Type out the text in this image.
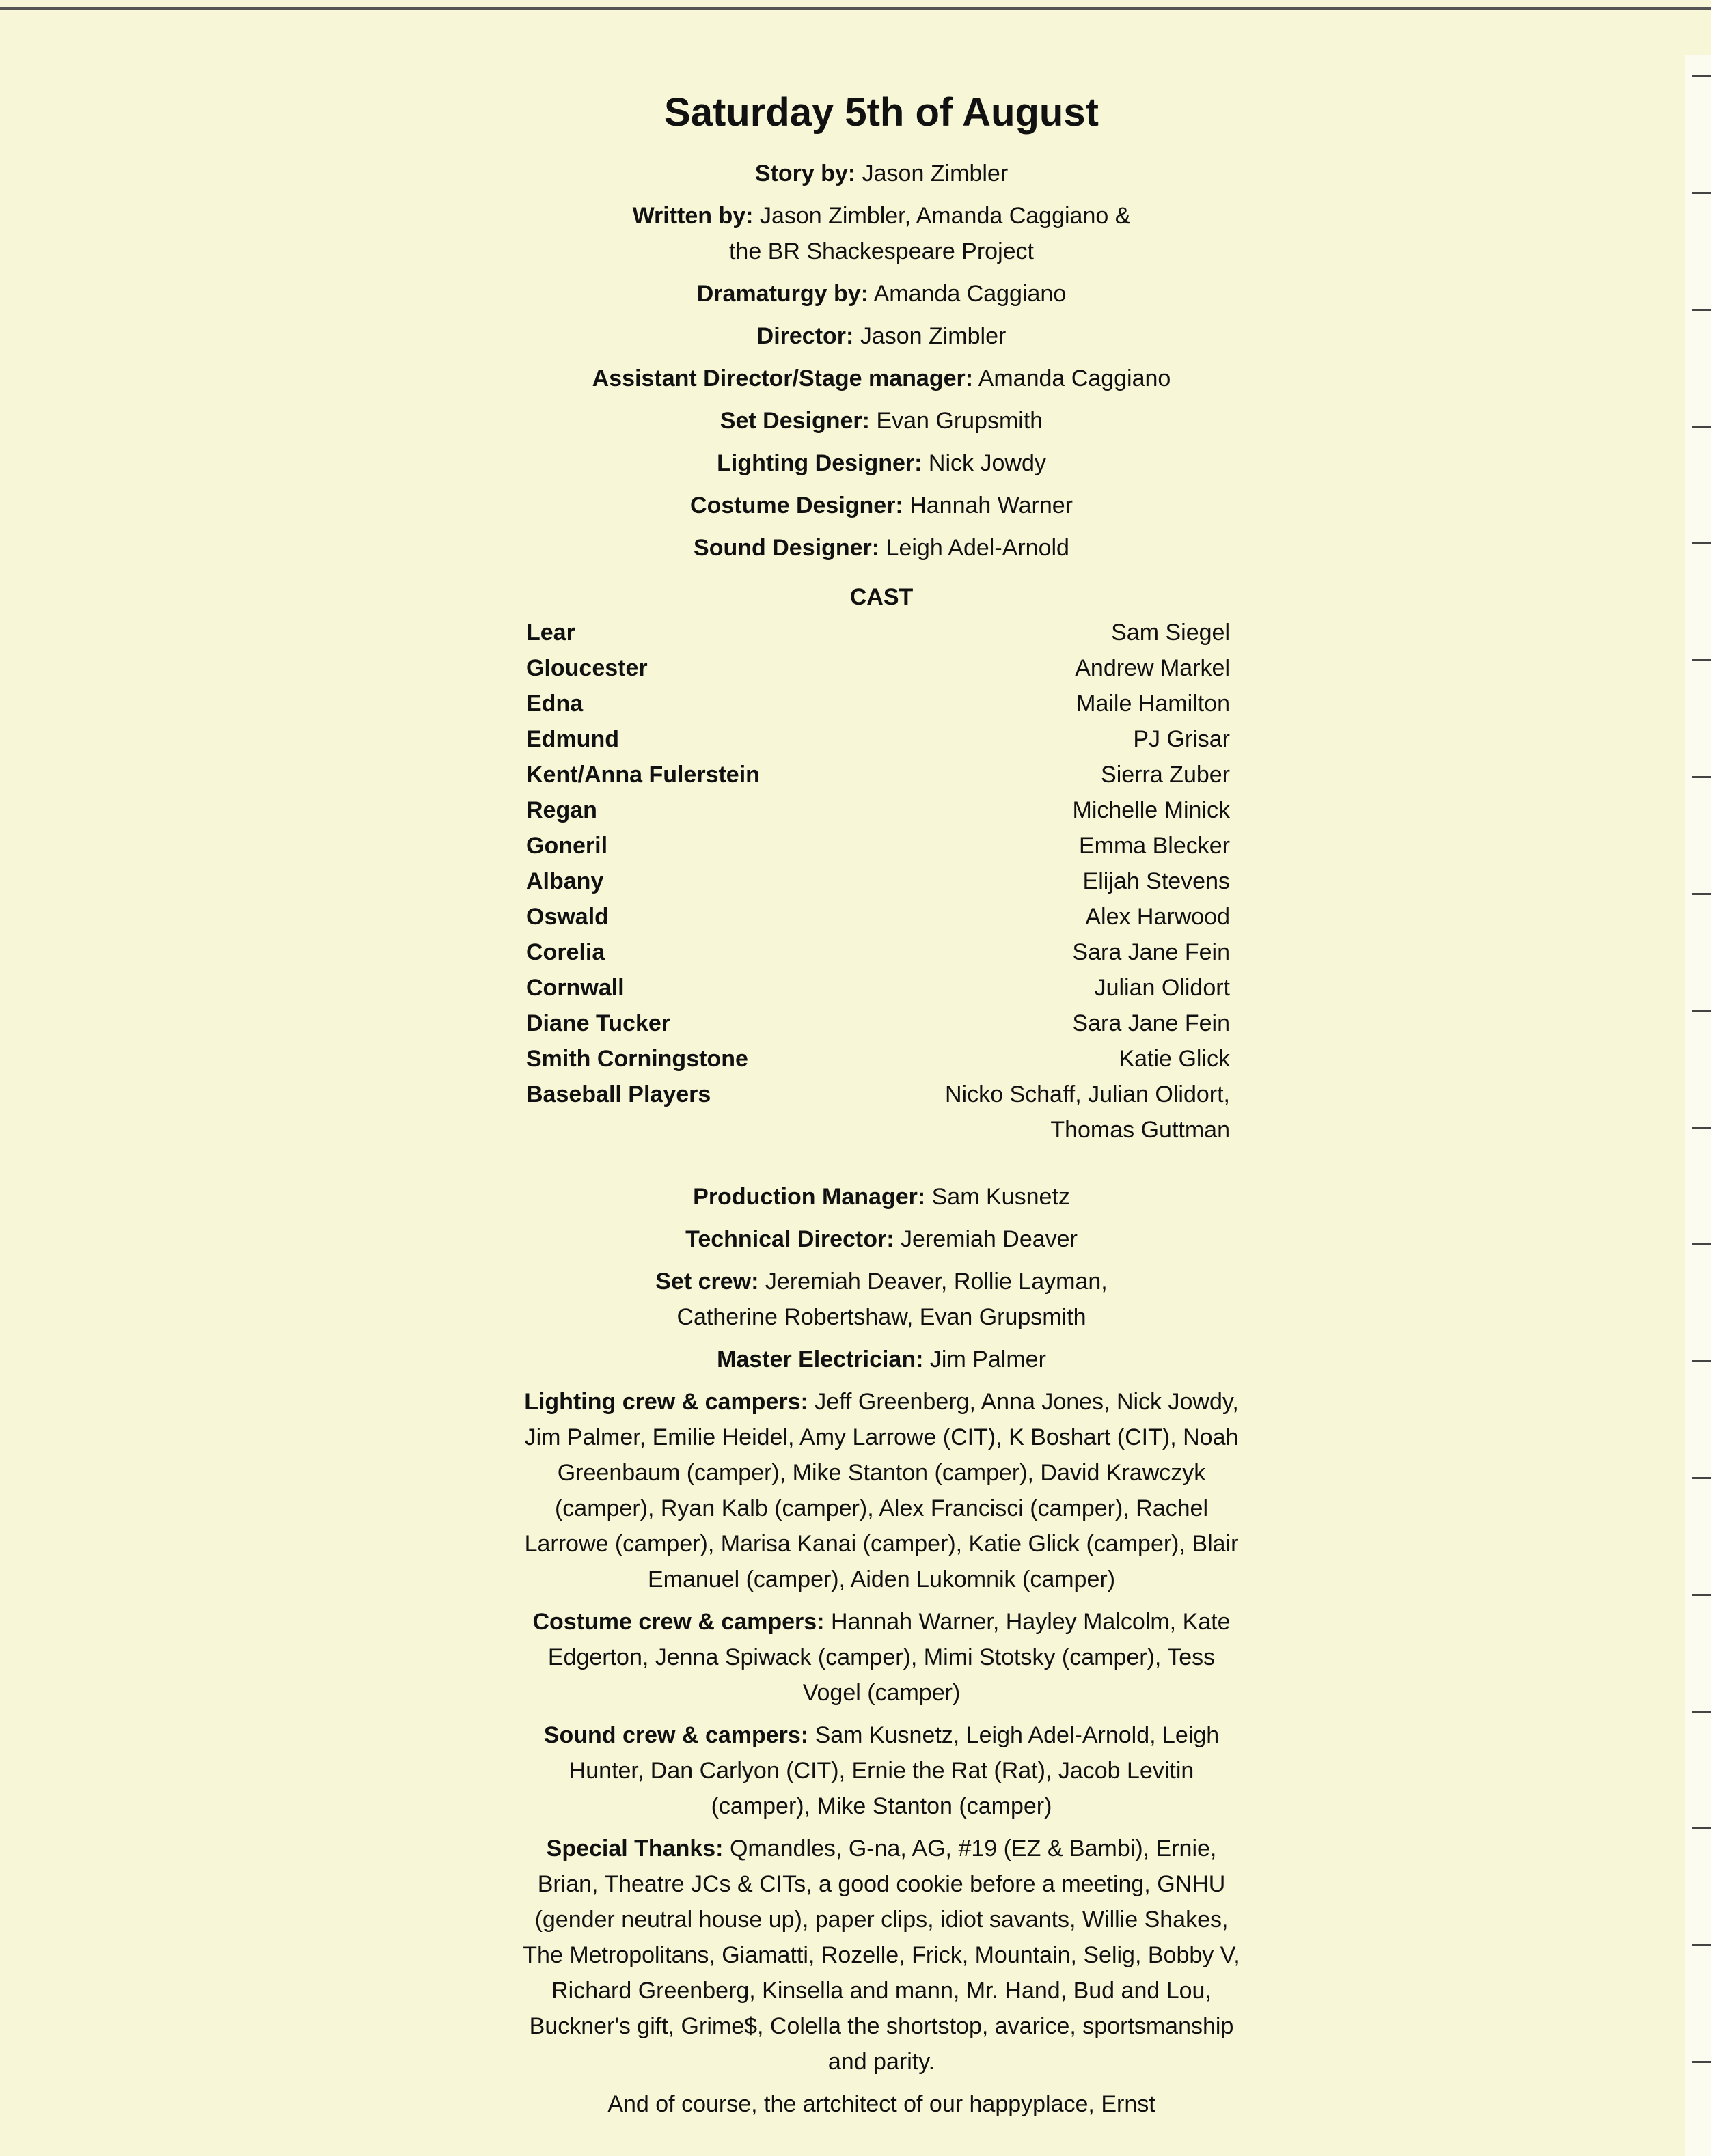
Saturday 5th of August
Story by: Jason Zimbler
Written by: Jason Zimbler, Amanda Caggiano & the BR Shackespeare Project
Dramaturgy by: Amanda Caggiano
Director: Jason Zimbler
Assistant Director/Stage manager: Amanda Caggiano
Set Designer: Evan Grupsmith
Lighting Designer: Nick Jowdy
Costume Designer: Hannah Warner
Sound Designer: Leigh Adel-Arnold
CAST
Lear	Sam Siegel
Gloucester	Andrew Markel
Edna	Maile Hamilton
Edmund	PJ Grisar
Kent/Anna Fulerstein	Sierra Zuber
Regan	Michelle Minick
Goneril	Emma Blecker
Albany	Elijah Stevens
Oswald	Alex Harwood
Corelia	Sara Jane Fein
Cornwall	Julian Olidort
Diane Tucker	Sara Jane Fein
Smith Corningstone	Katie Glick
Baseball Players	Nicko Schaff, Julian Olidort, Thomas Guttman
Production Manager: Sam Kusnetz
Technical Director: Jeremiah Deaver
Set crew: Jeremiah Deaver, Rollie Layman, Catherine Robertshaw, Evan Grupsmith
Master Electrician: Jim Palmer
Lighting crew & campers: Jeff Greenberg, Anna Jones, Nick Jowdy, Jim Palmer, Emilie Heidel, Amy Larrowe (CIT), K Boshart (CIT), Noah Greenbaum (camper), Mike Stanton (camper), David Krawczyk (camper), Ryan Kalb (camper), Alex Francisci (camper), Rachel Larrowe (camper), Marisa Kanai (camper), Katie Glick (camper), Blair Emanuel (camper), Aiden Lukomnik (camper)
Costume crew & campers: Hannah Warner, Hayley Malcolm, Kate Edgerton, Jenna Spiwack (camper), Mimi Stotsky (camper), Tess Vogel (camper)
Sound crew & campers: Sam Kusnetz, Leigh Adel-Arnold, Leigh Hunter, Dan Carlyon (CIT), Ernie the Rat (Rat), Jacob Levitin (camper), Mike Stanton (camper)
Special Thanks: Qmandles, G-na, AG, #19 (EZ & Bambi), Ernie, Brian, Theatre JCs & CITs, a good cookie before a meeting, GNHU (gender neutral house up), paper clips, idiot savants, Willie Shakes, The Metropolitans, Giamatti, Rozelle, Frick, Mountain, Selig, Bobby V, Richard Greenberg, Kinsella and mann, Mr. Hand, Bud and Lou, Buckner's gift, Grime$, Colella the shortstop, avarice, sportsmanship and parity.
And of course, the artchitect of our happyplace, Ernst
